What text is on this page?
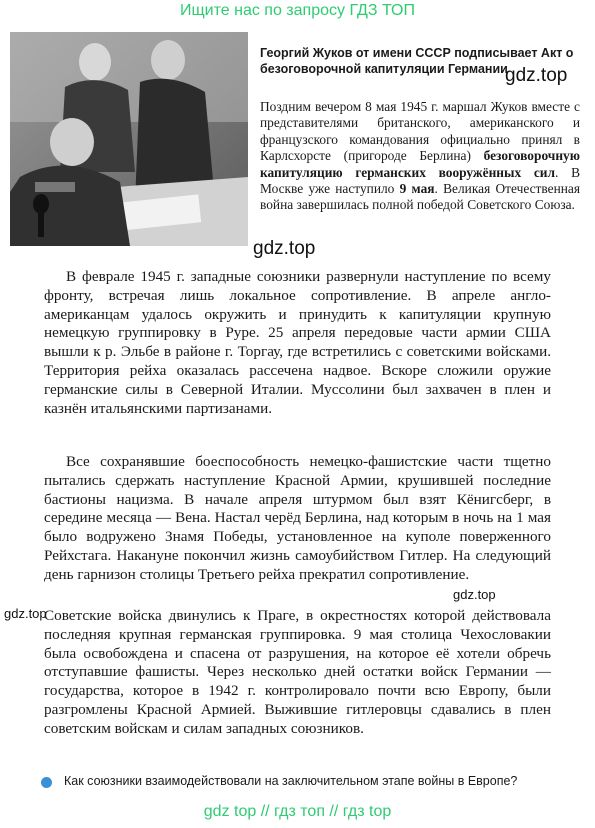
Ищите нас по запросу ГДЗ ТОП
Георгий Жуков от имени СССР подписывает Акт о безоговорочной капитуляции Германии
Поздним вечером 8 мая 1945 г. маршал Жуков вместе с представителями британского, американского и французского командования официально принял в Карлсхорсте (пригороде Берлина) безоговорочную капитуляцию германских вооружённых сил. В Москве уже наступило 9 мая. Великая Отечественная война завершилась полной победой Советского Союза.
gdz.top
gdz.top
В феврале 1945 г. западные союзники развернули наступление по всему фронту, встречая лишь локальное сопротивление. В апреле англо-американцам удалось окружить и принудить к капитуляции крупную немецкую группировку в Руре. 25 апреля передовые части армии США вышли к р. Эльбе в районе г. Торгау, где встретились с советскими войсками. Территория рейха оказалась рассечена надвое. Вскоре сложили оружие германские силы в Северной Италии. Муссолини был захвачен в плен и казнён итальянскими партизанами.
Все сохранявшие боеспособность немецко-фашистские части тщетно пытались сдержать наступление Красной Армии, крушившей последние бастионы нацизма. В начале апреля штурмом был взят Кёнигсберг, в середине месяца — Вена. Настал черёд Берлина, над которым в ночь на 1 мая было водружено Знамя Победы, установленное на куполе поверженного Рейхстага. Накануне покончил жизнь самоубийством Гитлер. На следующий день гарнизон столицы Третьего рейха прекратил сопротивление.
gdz.top
gdz.top
Советские войска двинулись к Праге, в окрестностях которой действовала последняя крупная германская группировка. 9 мая столица Чехословакии была освобождена и спасена от разрушения, на которое её хотели обречь отступавшие фашисты. Через несколько дней остатки войск Германии — государства, которое в 1942 г. контролировало почти всю Европу, были разгромлены Красной Армией. Выжившие гитлеровцы сдавались в плен советским войскам и силам западных союзников.
Как союзники взаимодействовали на заключительном этапе войны в Европе?
gdz top // гдз топ // гдз top
